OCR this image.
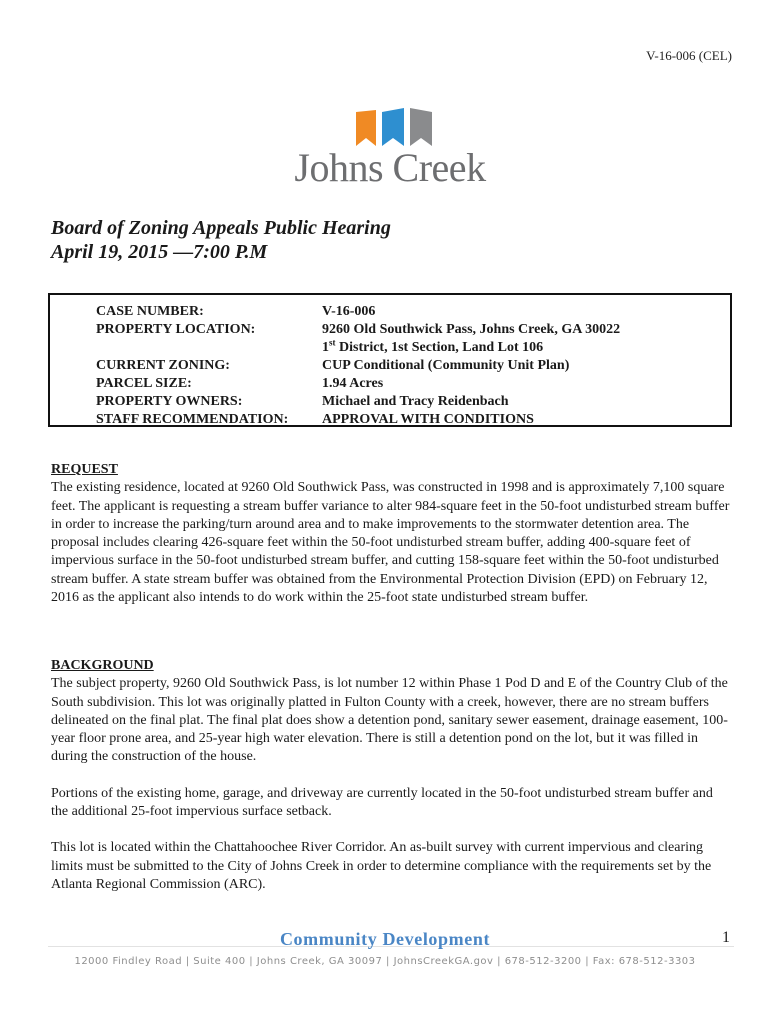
V-16-006 (CEL)
Johns Creek
Board of Zoning Appeals Public Hearing
April 19, 2015 —7:00 P.M
CASE NUMBER:	V-16-006
PROPERTY LOCATION:	9260 Old Southwick Pass, Johns Creek, GA 30022
1st District, 1st Section, Land Lot 106
CURRENT ZONING:	CUP Conditional (Community Unit Plan)
PARCEL SIZE:	1.94 Acres
PROPERTY OWNERS:	Michael and Tracy Reidenbach
STAFF RECOMMENDATION: APPROVAL WITH CONDITIONS
REQUEST

The existing residence, located at 9260 Old Southwick Pass, was constructed in 1998 and is approximately 7,100 square feet. The applicant is requesting a stream buffer variance to alter 984-square feet in the 50-foot undisturbed stream buffer in order to increase the parking/turn around area and to make improvements to the stormwater detention area. The proposal includes clearing 426-square feet within the 50-foot undisturbed stream buffer, adding 400-square feet of impervious surface in the 50-foot undisturbed stream buffer, and cutting 158-square feet within the 50-foot undisturbed stream buffer. A state stream buffer was obtained from the Environmental Protection Division (EPD) on February 12, 2016 as the applicant also intends to do work within the 25-foot state undisturbed stream buffer.

BACKGROUND

The subject property, 9260 Old Southwick Pass, is lot number 12 within Phase 1 Pod D and E of the Country Club of the South subdivision. This lot was originally platted in Fulton County with a creek, however, there are no stream buffers delineated on the final plat. The final plat does show a detention pond, sanitary sewer easement, drainage easement, 100-year floor prone area, and 25-year high water elevation. There is still a detention pond on the lot, but it was filled in during the construction of the house.

Portions of the existing home, garage, and driveway are currently located in the 50-foot undisturbed stream buffer and the additional 25-foot impervious surface setback.

This lot is located within the Chattahoochee River Corridor. An as-built survey with current impervious and clearing limits must be submitted to the City of Johns Creek in order to determine compliance with the requirements set by the Atlanta Regional Commission (ARC).

Community Development	1
12000 Findley Road | Suite 400 | Johns Creek, GA 30097 | JohnsCreekGA.gov | 678-512-3200 | Fax: 678-512-3303
